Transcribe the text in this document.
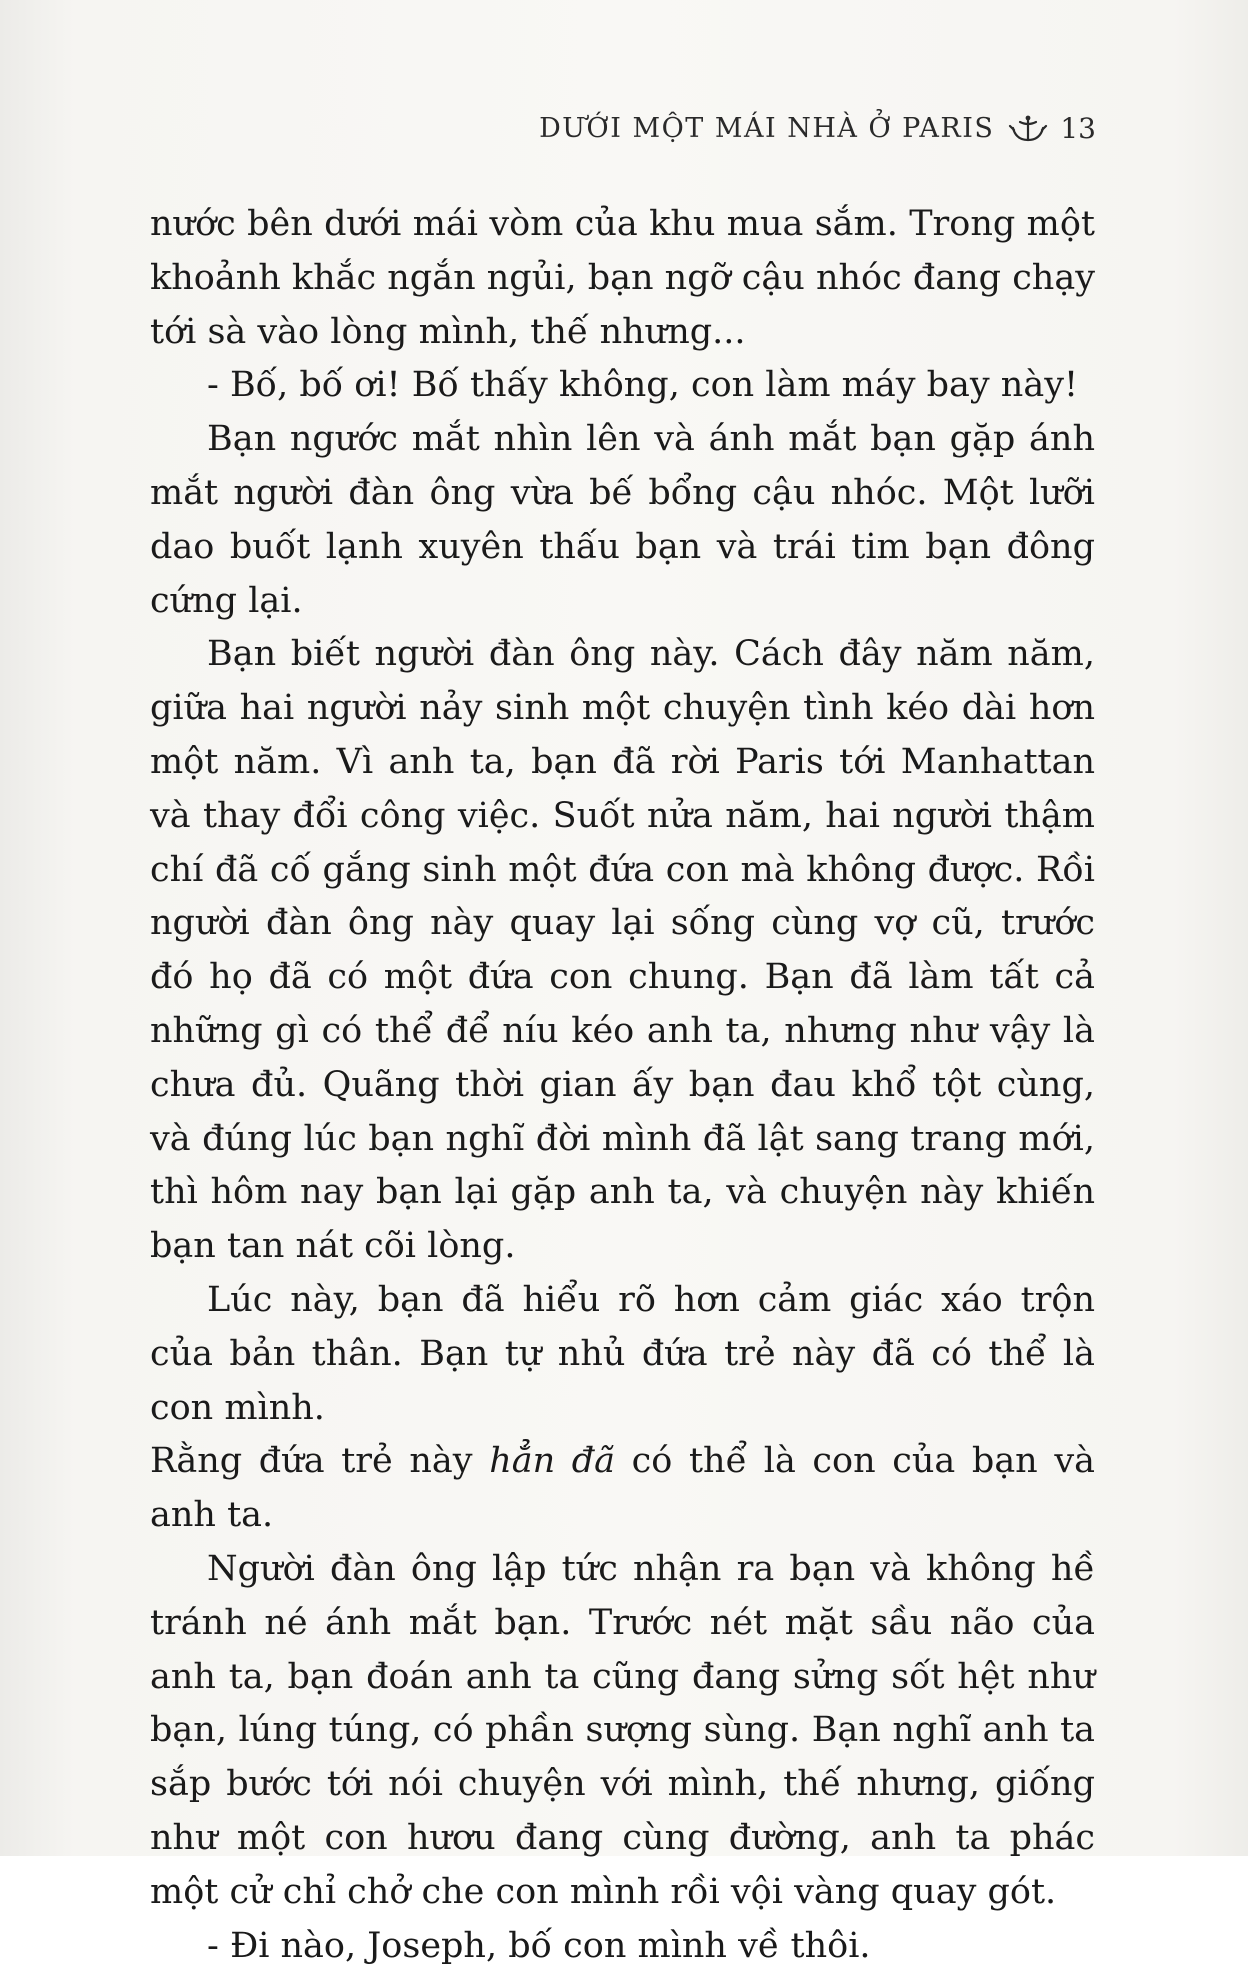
DƯỚI MỘT MÁI NHÀ Ở PARIS 13

nước bên dưới mái vòm của khu mua sắm. Trong một khoảnh khắc ngắn ngủi, bạn ngỡ cậu nhóc đang chạy tới sà vào lòng mình, thế nhưng...

- Bố, bố ơi! Bố thấy không, con làm máy bay này!

Bạn ngước mắt nhìn lên và ánh mắt bạn gặp ánh mắt người đàn ông vừa bế bổng cậu nhóc. Một lưỡi dao buốt lạnh xuyên thấu bạn và trái tim bạn đông cứng lại.

Bạn biết người đàn ông này. Cách đây năm năm, giữa hai người nảy sinh một chuyện tình kéo dài hơn một năm. Vì anh ta, bạn đã rời Paris tới Manhattan và thay đổi công việc. Suốt nửa năm, hai người thậm chí đã cố gắng sinh một đứa con mà không được. Rồi người đàn ông này quay lại sống cùng vợ cũ, trước đó họ đã có một đứa con chung. Bạn đã làm tất cả những gì có thể để níu kéo anh ta, nhưng như vậy là chưa đủ. Quãng thời gian ấy bạn đau khổ tột cùng, và đúng lúc bạn nghĩ đời mình đã lật sang trang mới, thì hôm nay bạn lại gặp anh ta, và chuyện này khiến bạn tan nát cõi lòng.

Lúc này, bạn đã hiểu rõ hơn cảm giác xáo trộn của bản thân. Bạn tự nhủ đứa trẻ này đã có thể là con mình.

Rằng đứa trẻ này hẳn đã có thể là con của bạn và anh ta.

Người đàn ông lập tức nhận ra bạn và không hề tránh né ánh mắt bạn. Trước nét mặt sầu não của anh ta, bạn đoán anh ta cũng đang sửng sốt hệt như bạn, lúng túng, có phần sượng sùng. Bạn nghĩ anh ta sắp bước tới nói chuyện với mình, thế nhưng, giống như một con hươu đang cùng đường, anh ta phác một cử chỉ chở che con mình rồi vội vàng quay gót.

- Đi nào, Joseph, bố con mình về thôi.
